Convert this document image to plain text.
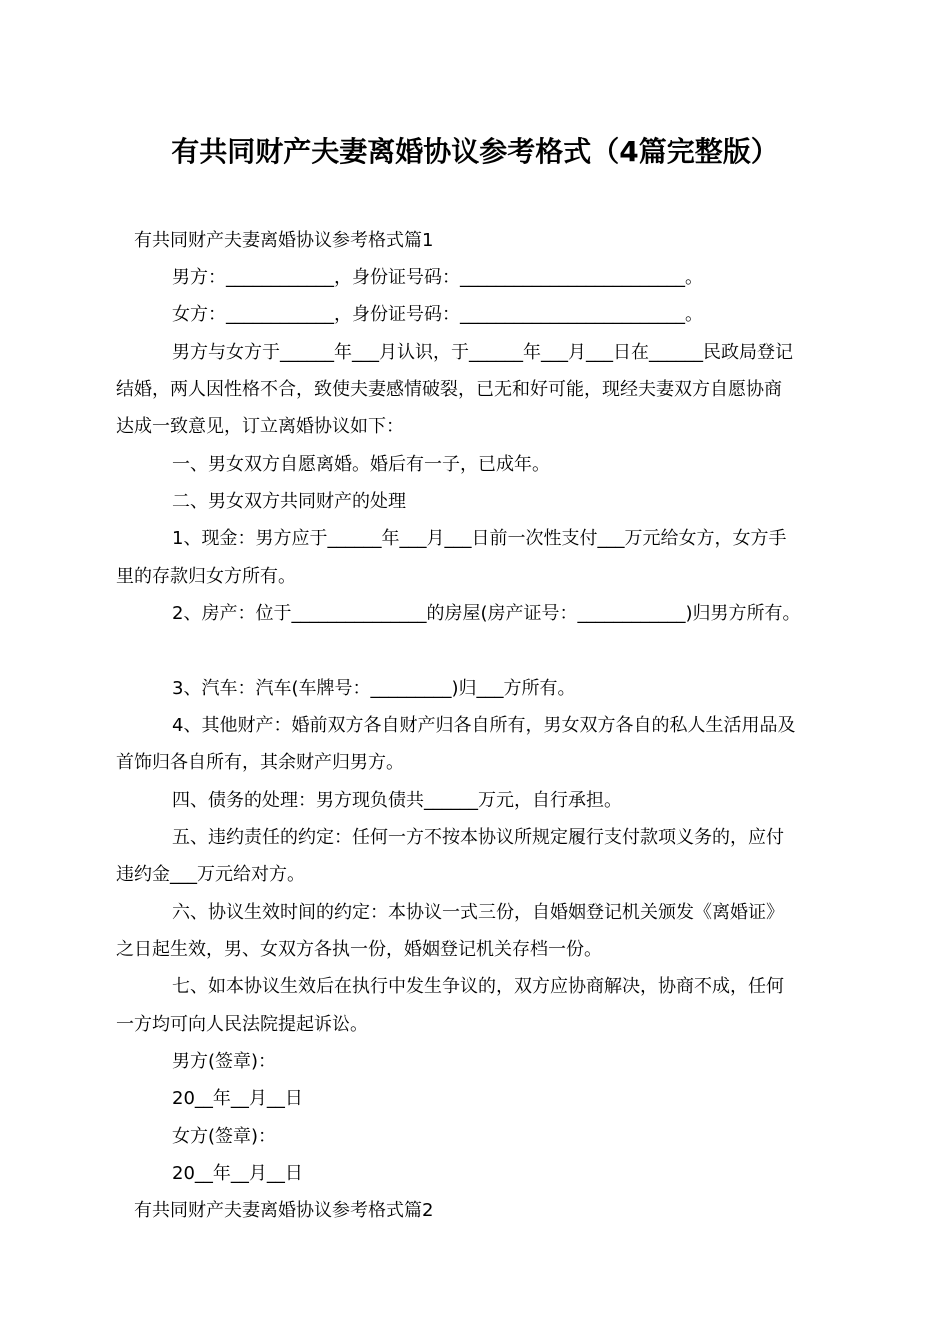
有共同财产夫妻离婚协议参考格式（4篇完整版）
有共同财产夫妻离婚协议参考格式篇1
男方：____________，身份证号码：_________________________。
女方：____________，身份证号码：_________________________。
男方与女方于______年___月认识，于______年___月___日在______民政局登记
结婚，两人因性格不合，致使夫妻感情破裂，已无和好可能，现经夫妻双方自愿协商
达成一致意见，订立离婚协议如下：
一、男女双方自愿离婚。婚后有一子，已成年。
二、男女双方共同财产的处理
1、现金：男方应于______年___月___日前一次性支付___万元给女方，女方手
里的存款归女方所有。
2、房产：位于_______________的房屋(房产证号：____________)归男方所有。
3、汽车：汽车(车牌号：_________)归___方所有。
4、其他财产：婚前双方各自财产归各自所有，男女双方各自的私人生活用品及
首饰归各自所有，其余财产归男方。
四、债务的处理：男方现负债共______万元，自行承担。
五、违约责任的约定：任何一方不按本协议所规定履行支付款项义务的，应付
违约金___万元给对方。
六、协议生效时间的约定：本协议一式三份，自婚姻登记机关颁发《离婚证》
之日起生效，男、女双方各执一份，婚姻登记机关存档一份。
七、如本协议生效后在执行中发生争议的，双方应协商解决，协商不成，任何
一方均可向人民法院提起诉讼。
男方(签章)：
20__年__月__日
女方(签章)：
20__年__月__日
有共同财产夫妻离婚协议参考格式篇2
